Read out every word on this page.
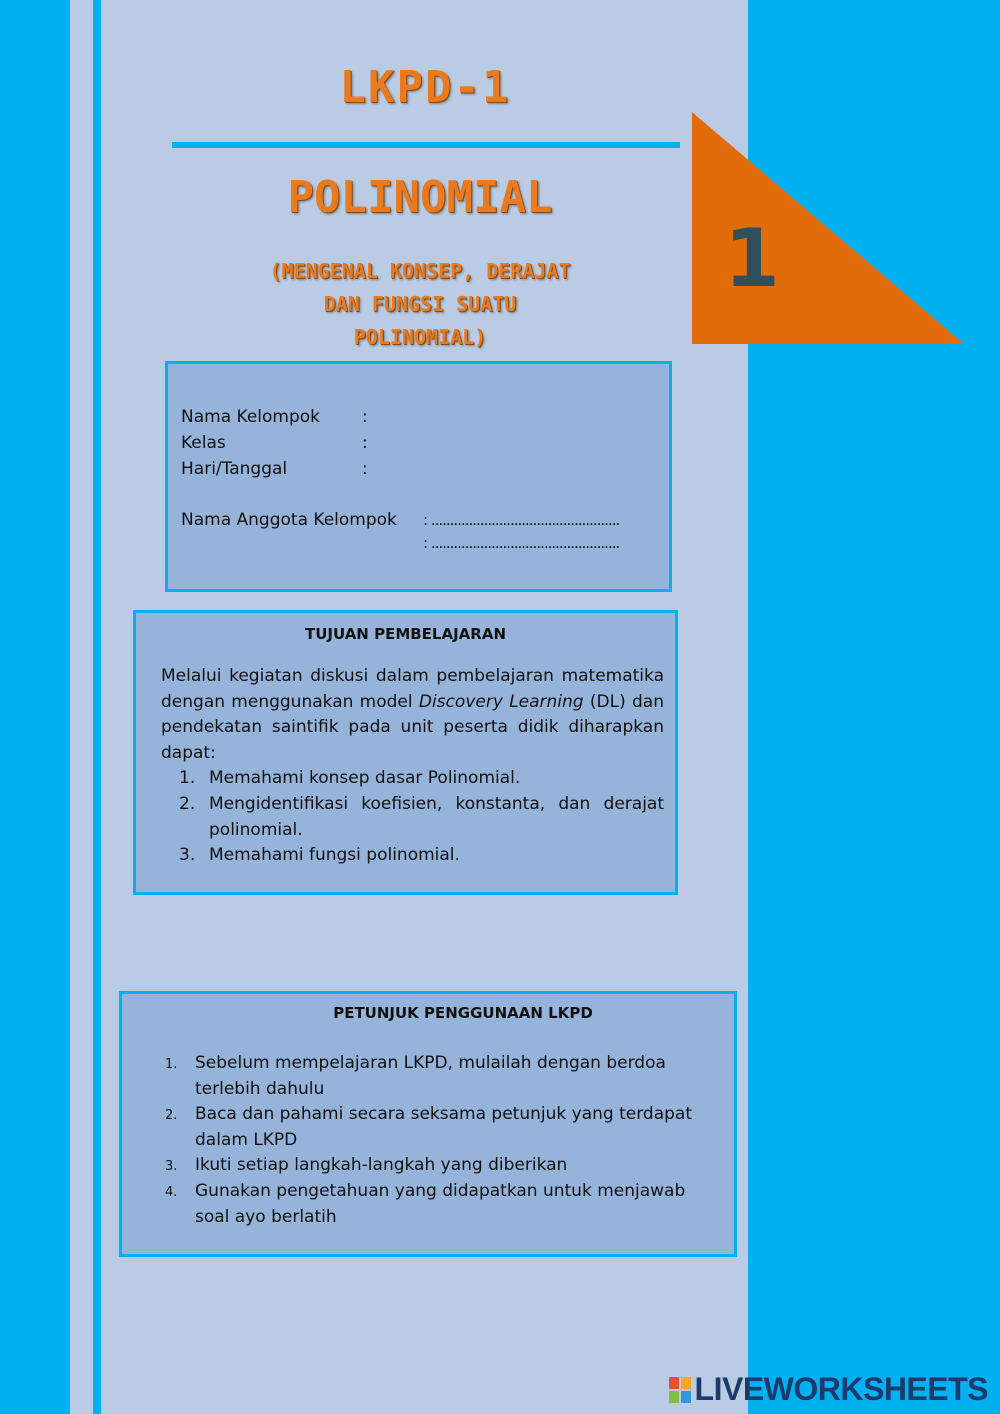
LKPD-1
POLINOMIAL
(MENGENAL KONSEP, DERAJAT
DAN FUNGSI SUATU
POLINOMIAL)
1
Nama Kelompok :
Kelas	:
Hari/Tanggal	:
Nama Anggota Kelompok : ..................................................
: ..................................................
TUJUAN PEMBELAJARAN
Melalui kegiatan diskusi dalam pembelajaran matematika dengan menggunakan model Discovery Learning (DL) dan pendekatan saintifik pada unit peserta didik diharapkan dapat:
1. Memahami konsep dasar Polinomial.
2. Mengidentifikasi koefisien, konstanta, dan derajat polinomial.
3. Memahami fungsi polinomial.
PETUNJUK PENGGUNAAN LKPD
1.	Sebelum mempelajaran LKPD, mulailah dengan berdoa terlebih dahulu
2.	Baca dan pahami secara seksama petunjuk yang terdapat dalam LKPD
3.	Ikuti setiap langkah-langkah yang diberikan
4.	Gunakan pengetahuan yang didapatkan untuk menjawab soal ayo berlatih
LIVEWORKSHEETS
